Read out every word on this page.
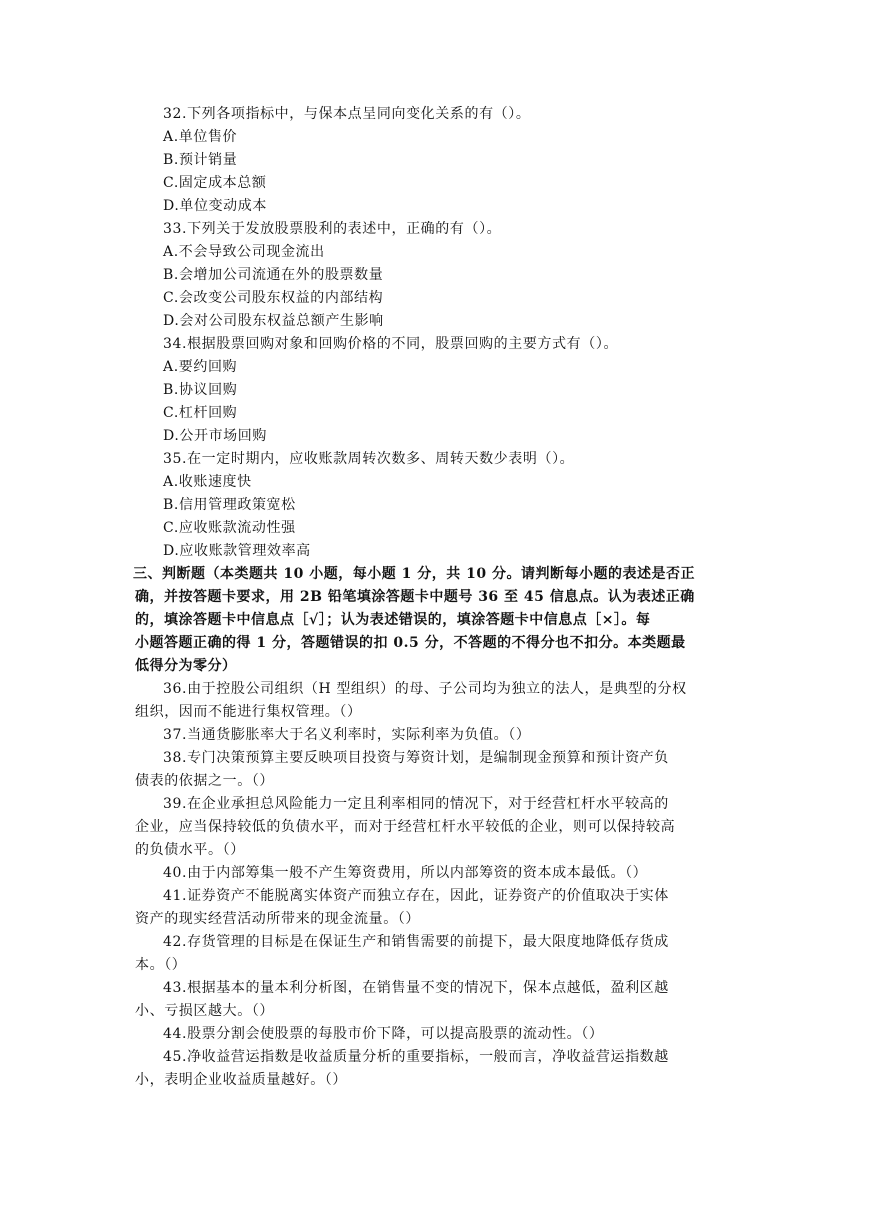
32.下列各项指标中，与保本点呈同向变化关系的有（）。
A.单位售价
B.预计销量
C.固定成本总额
D.单位变动成本
33.下列关于发放股票股利的表述中，正确的有（）。
A.不会导致公司现金流出
B.会增加公司流通在外的股票数量
C.会改变公司股东权益的内部结构
D.会对公司股东权益总额产生影响
34.根据股票回购对象和回购价格的不同，股票回购的主要方式有（）。
A.要约回购
B.协议回购
C.杠杆回购
D.公开市场回购
35.在一定时期内，应收账款周转次数多、周转天数少表明（）。
A.收账速度快
B.信用管理政策宽松
C.应收账款流动性强
D.应收账款管理效率高
三、判断题（本类题共 10 小题，每小题 1 分，共 10 分。请判断每小题的表述是否正
确，并按答题卡要求，用 2B 铅笔填涂答题卡中题号 36 至 45 信息点。认为表述正确
的，填涂答题卡中信息点［√］；认为表述错误的，填涂答题卡中信息点［×］。每
小题答题正确的得 1 分，答题错误的扣 0.5 分，不答题的不得分也不扣分。本类题最
低得分为零分）
36.由于控股公司组织（H 型组织）的母、子公司均为独立的法人，是典型的分权
组织，因而不能进行集权管理。（）
37.当通货膨胀率大于名义利率时，实际利率为负值。（）
38.专门决策预算主要反映项目投资与筹资计划，是编制现金预算和预计资产负
债表的依据之一。（）
39.在企业承担总风险能力一定且利率相同的情况下，对于经营杠杆水平较高的
企业，应当保持较低的负债水平，而对于经营杠杆水平较低的企业，则可以保持较高
的负债水平。（）
40.由于内部筹集一般不产生筹资费用，所以内部筹资的资本成本最低。（）
41.证券资产不能脱离实体资产而独立存在，因此，证券资产的价值取决于实体
资产的现实经营活动所带来的现金流量。（）
42.存货管理的目标是在保证生产和销售需要的前提下，最大限度地降低存货成
本。（）
43.根据基本的量本利分析图，在销售量不变的情况下，保本点越低，盈利区越
小、亏损区越大。（）
44.股票分割会使股票的每股市价下降，可以提高股票的流动性。（）
45.净收益营运指数是收益质量分析的重要指标，一般而言，净收益营运指数越
小，表明企业收益质量越好。（）
